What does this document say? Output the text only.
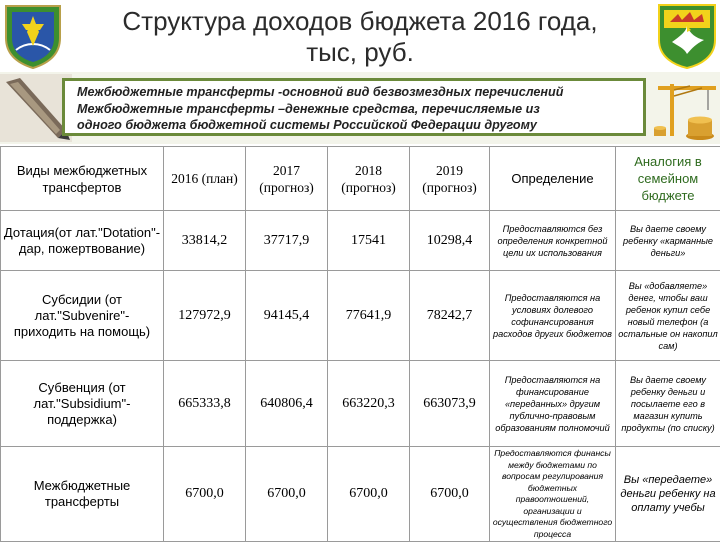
Структура доходов бюджета 2016 года,
тыс, руб.
Межбюджетные трансферты -основной вид безвозмездных перечислений
Межбюджетные трансферты –денежные средства, перечисляемые из
одного бюджета бюджетной системы Российской Федерации другому
Виды межбюджетных трансфертов	2016 (план)	2017 (прогноз)	2018 (прогноз)	2019 (прогноз)	Определение	Аналогия в семейном бюджете
Дотация(от лат."Dotation"- дар, пожертвование)	33814,2	37717,9	17541	10298,4	Предоставляются без определения конкретной цели их использования	Вы даете своему ребенку «карманные деньги»
Субсидии (от лат."Subvenire"- приходить на помощь)	127972,9	94145,4	77641,9	78242,7	Предоставляются на условиях долевого софинансирования расходов других бюджетов	Вы «добавляете» денег, чтобы ваш ребенок купил себе новый телефон (а остальные он накопил сам)
Субвенция (от лат."Subsidium"- поддержка)	665333,8	640806,4	663220,3	663073,9	Предоставляются на финансирование «переданных» другим публично-правовым образованиям полномочий	Вы даете своему ребенку деньги и посылаете его в магазин купить продукты (по списку)
Межбюджетные трансферты	6700,0	6700,0	6700,0	6700,0	Предоставляются финансы между бюджетами по вопросам регулирования бюджетных правоотношений, организации и осуществления бюджетного процесса	Вы «передаете» деньги ребенку на оплату учебы
